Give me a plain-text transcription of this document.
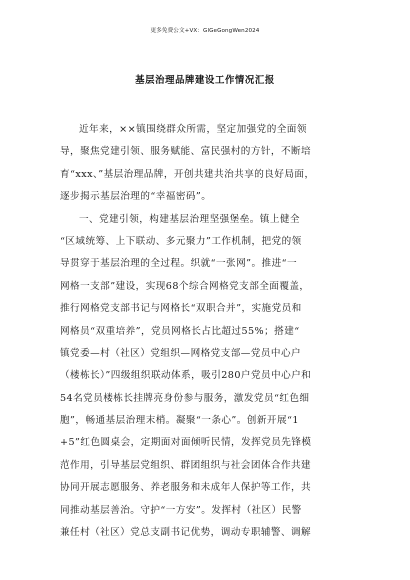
更多免费公文+VX：GlGeGongWen2024
基层治理品牌建设工作情况汇报
近年来，××镇围绕群众所需，坚定加强党的全面领
导，聚焦党建引领、服务赋能、富民强村的方针，不断培
育“xxx、”基层治理品牌，开创共建共治共享的良好局面，
逐步揭示基层治理的“幸福密码”。
一、党建引领，构建基层治理坚强堡垒。镇上健全
“区域统筹、上下联动、多元聚力”工作机制，把党的领
导贯穿于基层治理的全过程。织就“一张网”。推进“一
网格一支部”建设，实现68个综合网格党支部全面覆盖，
推行网格党支部书记与网格长“双职合并”，实施党员和
网格员“双重培养”，党员网格长占比超过55%；搭建“
镇党委—村（社区）党组织—网格党支部—党员中心户
（楼栋长）”四级组织联动体系，吸引280户党员中心户和
54名党员楼栋长挂牌亮身份参与服务，激发党员“红色细
胞”，畅通基层治理末梢。凝聚“一条心”。创新开展“1
+5”红色圆桌会，定期面对面倾听民情，发挥党员先锋模
范作用，引导基层党组织、群团组织与社会团体合作共建
协同开展志愿服务、养老服务和未成年人保护等工作，共
同推动基层善治。守护“一方安”。发挥村（社区）民警
兼任村（社区）党总支副书记优势，调动专职辅警、调解
